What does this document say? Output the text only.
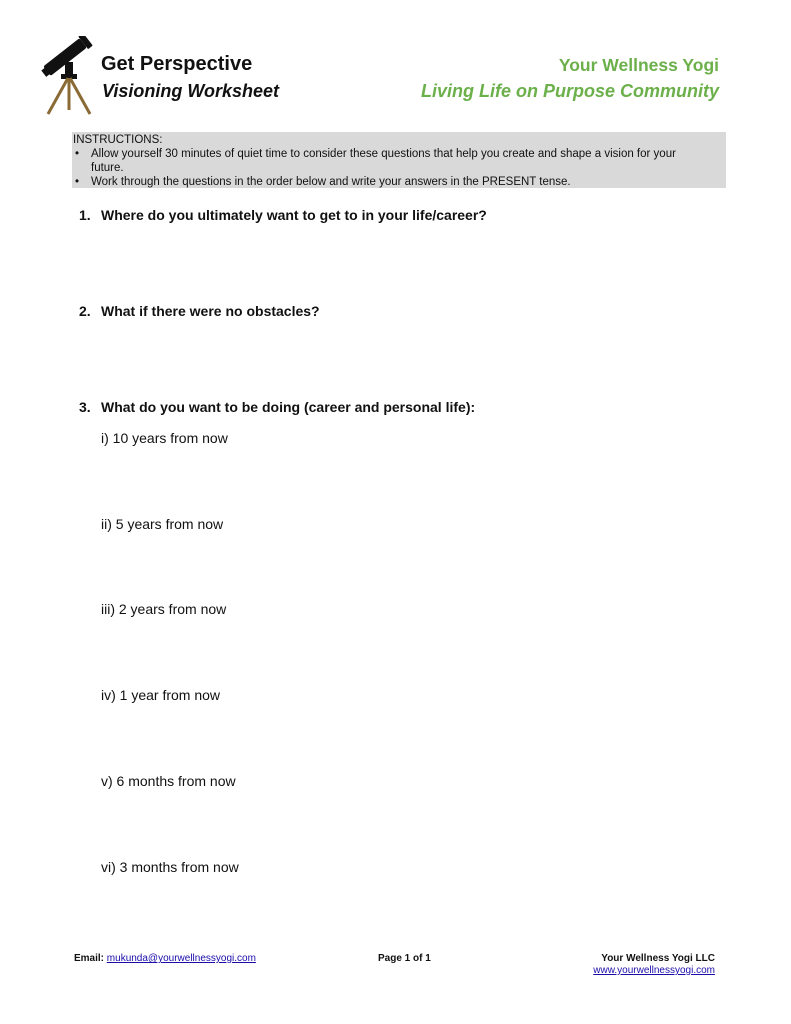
Get Perspective
Visioning Worksheet
Your Wellness Yogi
Living Life on Purpose Community
INSTRUCTIONS:
• Allow yourself 30 minutes of quiet time to consider these questions that help you create and shape a vision for your future.
• Work through the questions in the order below and write your answers in the PRESENT tense.
1. Where do you ultimately want to get to in your life/career?
2. What if there were no obstacles?
3. What do you want to be doing (career and personal life):
i) 10 years from now
ii) 5 years from now
iii) 2 years from now
iv) 1 year from now
v) 6 months from now
vi) 3 months from now
Email: mukunda@yourwellnessyogi.com	Page 1 of 1	Your Wellness Yogi LLC
www.yourwellnessyogi.com
